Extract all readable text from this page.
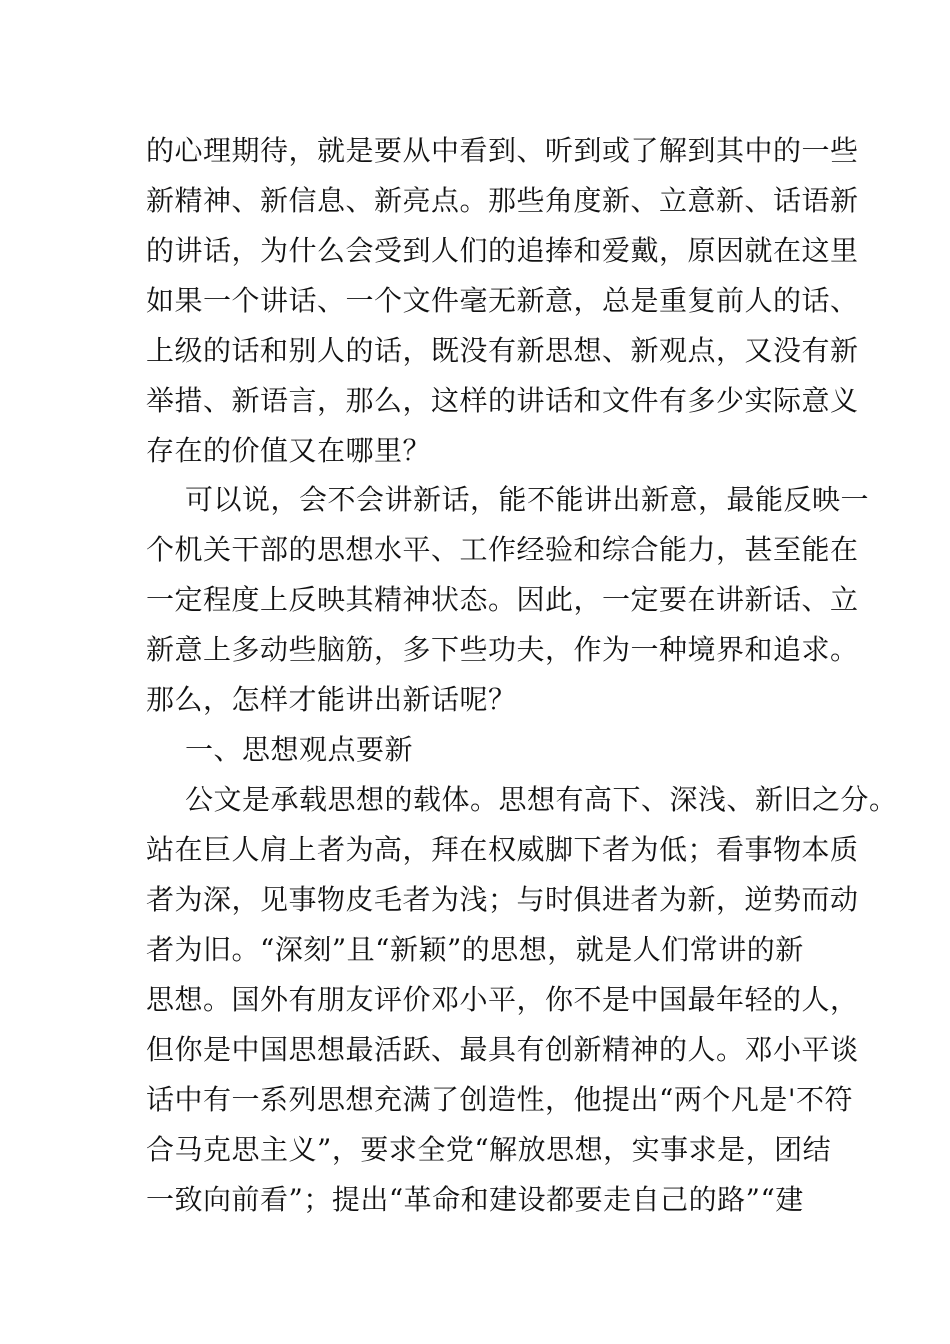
的心理期待，就是要从中看到、听到或了解到其中的一些
新精神、新信息、新亮点。那些角度新、立意新、话语新
的讲话，为什么会受到人们的追捧和爱戴，原因就在这里
如果一个讲话、一个文件毫无新意，总是重复前人的话、
上级的话和别人的话，既没有新思想、新观点，又没有新
举措、新语言，那么，这样的讲话和文件有多少实际意义
存在的价值又在哪里？
可以说，会不会讲新话，能不能讲出新意，最能反映一
个机关干部的思想水平、工作经验和综合能力，甚至能在
一定程度上反映其精神状态。因此，一定要在讲新话、立
新意上多动些脑筋，多下些功夫，作为一种境界和追求。
那么，怎样才能讲出新话呢？
一、思想观点要新
公文是承载思想的载体。思想有高下、深浅、新旧之分。
站在巨人肩上者为高，拜在权威脚下者为低；看事物本质
者为深，见事物皮毛者为浅；与时俱进者为新，逆势而动
者为旧。“深刻”且“新颖”的思想，就是人们常讲的新
思想。国外有朋友评价邓小平，你不是中国最年轻的人，
但你是中国思想最活跃、最具有创新精神的人。邓小平谈
话中有一系列思想充满了创造性，他提出“两个凡是'不符
合马克思主义”，要求全党“解放思想，实事求是，团结
一致向前看”；提出“革命和建设都要走自己的路”“建
